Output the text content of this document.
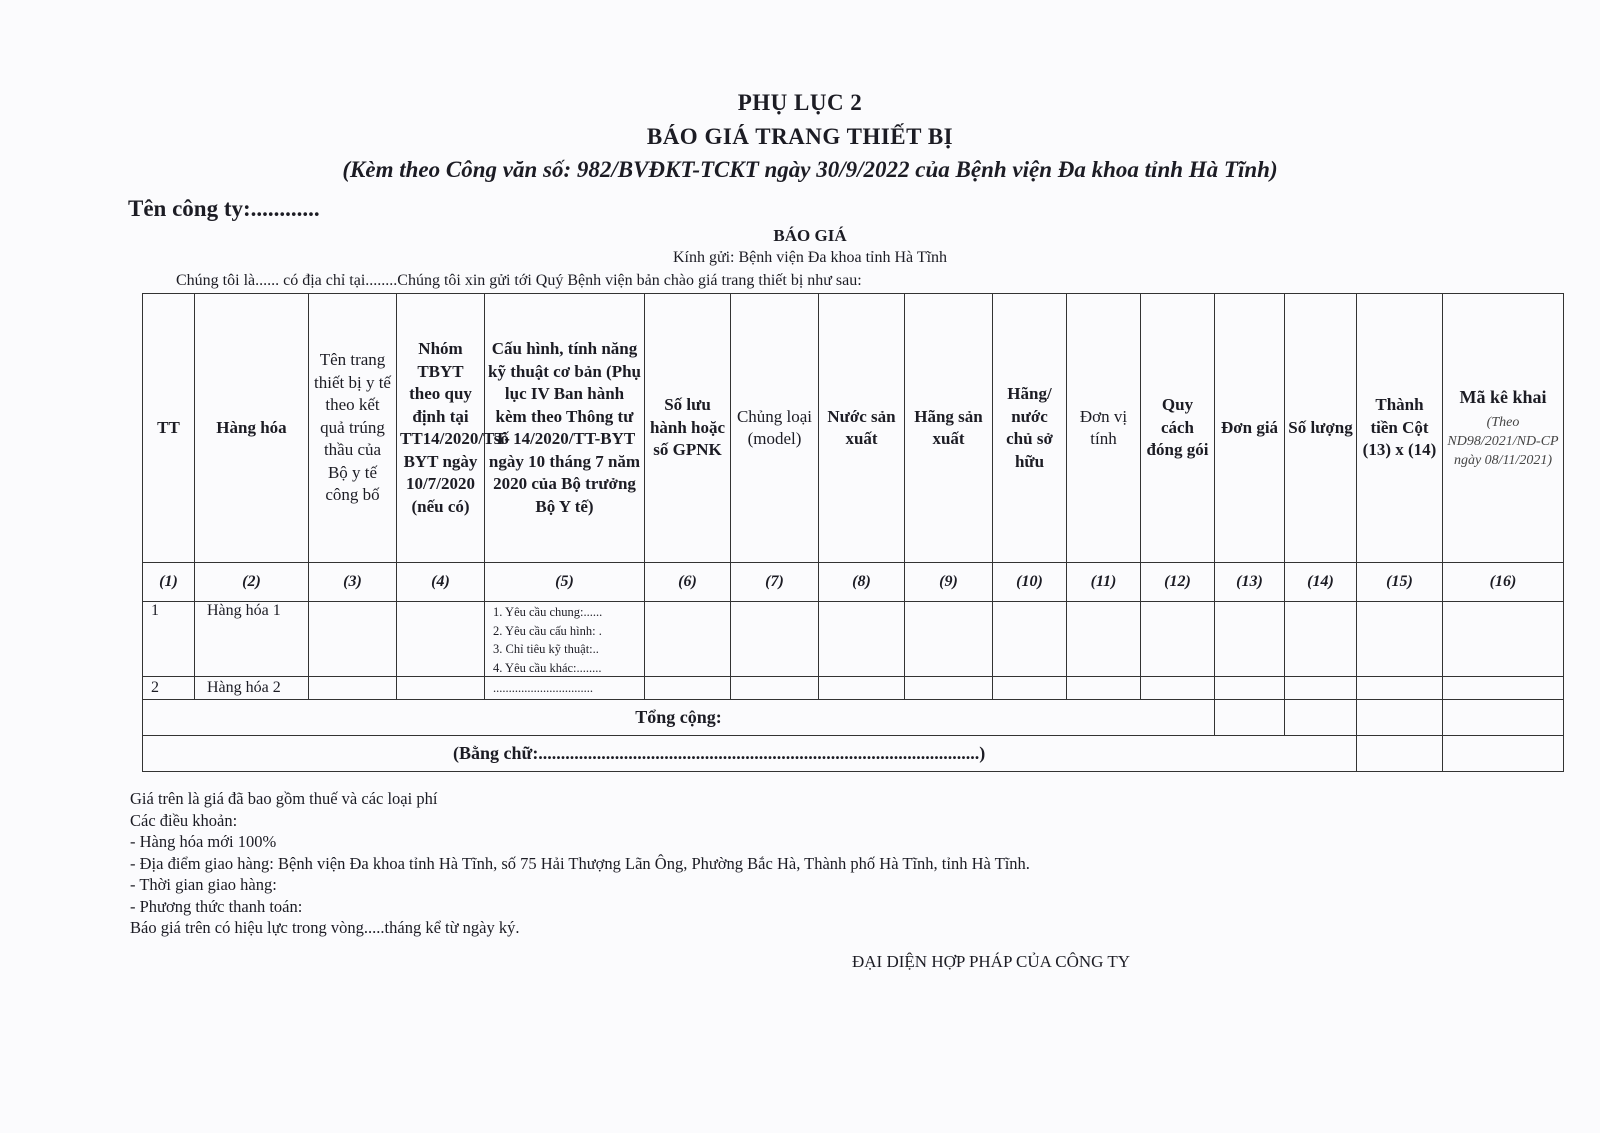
PHỤ LỤC 2
BÁO GIÁ TRANG THIẾT BỊ
(Kèm theo Công văn số: 982/BVĐKT-TCKT ngày 30/9/2022 của Bệnh viện Đa khoa tỉnh Hà Tĩnh)
Tên công ty:............
BÁO GIÁ
Kính gửi: Bệnh viện Đa khoa tỉnh Hà Tĩnh
Chúng tôi là...... có địa chỉ tại........Chúng tôi xin gửi tới Quý Bệnh viện bản chào giá trang thiết bị như sau:
TT	Hàng hóa	Tên trang thiết bị y tế theo kết quả trúng thầu của Bộ y tế công bố	Nhóm TBYT theo quy định tại TT14/2020/TT-BYT ngày 10/7/2020 (nếu có)	Cấu hình, tính năng kỹ thuật cơ bản (Phụ lục IV Ban hành kèm theo Thông tư số 14/2020/TT-BYT ngày 10 tháng 7 năm 2020 của Bộ trưởng Bộ Y tế)	Số lưu hành hoặc số GPNK	Chủng loại (model)	Nước sản xuất	Hãng sản xuất	Hãng/ nước chủ sở hữu	Đơn vị tính	Quy cách đóng gói	Đơn giá	Số lượng	Thành tiền Cột (13) x (14)	Mã kê khai
(Theo ND98/2021/ND-CP ngày 08/11/2021)

(1)	(2)	(3)	(4)	(5)	(6)	(7)	(8)	(9)	(10)	(11)	(12)	(13)	(14)	(15)	(16)
1	Hàng hóa 1			1. Yêu cầu chung:......
2. Yêu cầu cấu hình: .
3. Chỉ tiêu kỹ thuật:..
4. Yêu cầu khác:........											

2	Hàng hóa 2			................................											

Tổng cộng:															
(Bằng chữ:..................................................................................................)															
Giá trên là giá đã bao gồm thuế và các loại phí
Các điều khoản:
- Hàng hóa mới 100%
- Địa điểm giao hàng: Bệnh viện Đa khoa tỉnh Hà Tĩnh, số 75 Hải Thượng Lãn Ông, Phường Bắc Hà, Thành phố Hà Tĩnh, tỉnh Hà Tĩnh.
- Thời gian giao hàng:
- Phương thức thanh toán:
Báo giá trên có hiệu lực trong vòng.....tháng kể từ ngày ký.
ĐẠI DIỆN HỢP PHÁP CỦA CÔNG TY
